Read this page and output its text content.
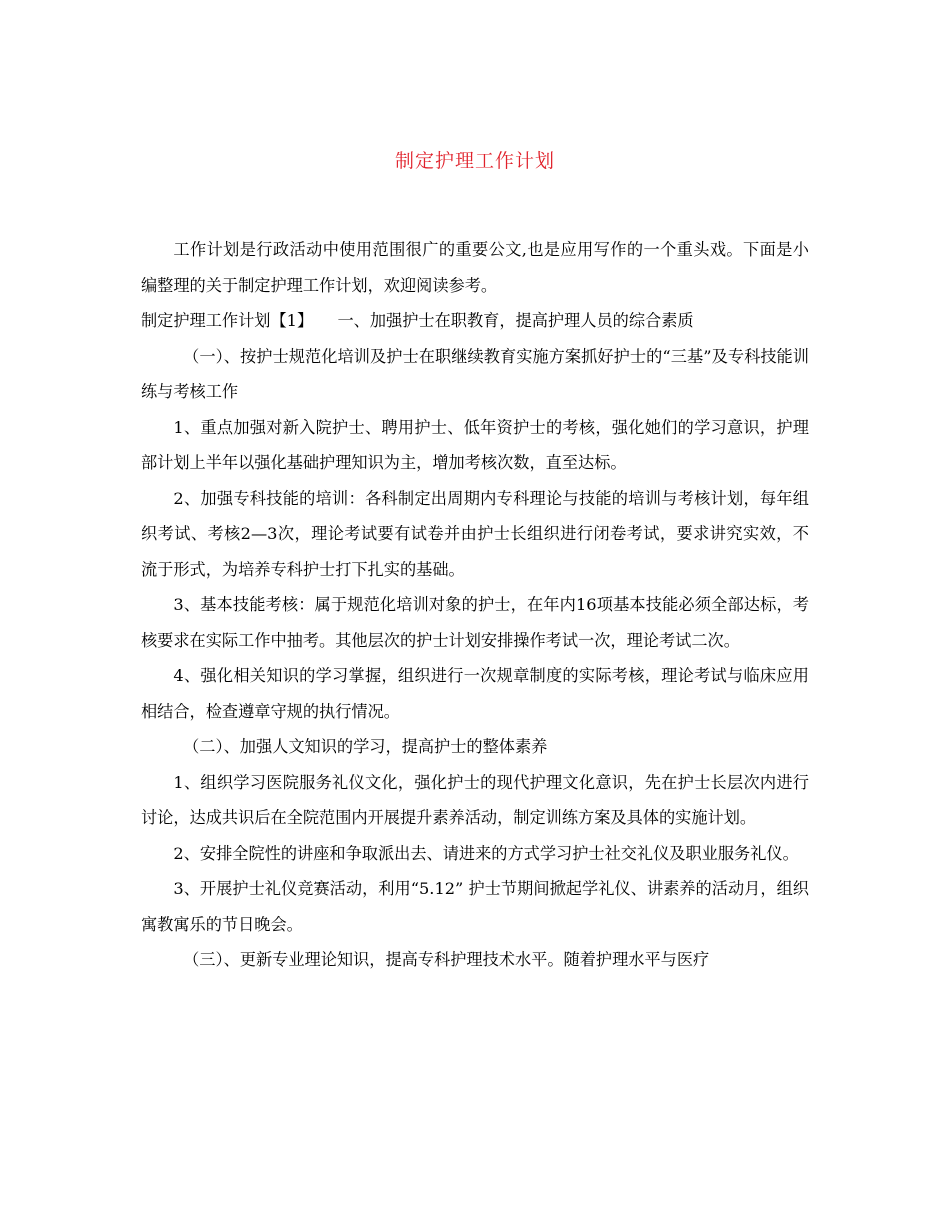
制定护理工作计划

工作计划是行政活动中使用范围很广的重要公文,也是应用写作的一个重头戏。下面是小编整理的关于制定护理工作计划，欢迎阅读参考。

制定护理工作计划【1】　　一、加强护士在职教育，提高护理人员的综合素质

（一）、按护士规范化培训及护士在职继续教育实施方案抓好护士的“三基”及专科技能训练与考核工作

1、重点加强对新入院护士、聘用护士、低年资护士的考核，强化她们的学习意识，护理部计划上半年以强化基础护理知识为主，增加考核次数，直至达标。

2、加强专科技能的培训：各科制定出周期内专科理论与技能的培训与考核计划，每年组织考试、考核2—3次，理论考试要有试卷并由护士长组织进行闭卷考试，要求讲究实效，不流于形式，为培养专科护士打下扎实的基础。

3、基本技能考核：属于规范化培训对象的护士，在年内16项基本技能必须全部达标，考核要求在实际工作中抽考。其他层次的护士计划安排操作考试一次，理论考试二次。

4、强化相关知识的学习掌握，组织进行一次规章制度的实际考核，理论考试与临床应用相结合，检查遵章守规的执行情况。

（二）、加强人文知识的学习，提高护士的整体素养

1、组织学习医院服务礼仪文化，强化护士的现代护理文化意识，先在护士长层次内进行讨论，达成共识后在全院范围内开展提升素养活动，制定训练方案及具体的实施计划。

2、安排全院性的讲座和争取派出去、请进来的方式学习护士社交礼仪及职业服务礼仪。

3、开展护士礼仪竞赛活动，利用“5.12” 护士节期间掀起学礼仪、讲素养的活动月，组织寓教寓乐的节日晚会。

（三）、更新专业理论知识，提高专科护理技术水平。随着护理水平与医疗
